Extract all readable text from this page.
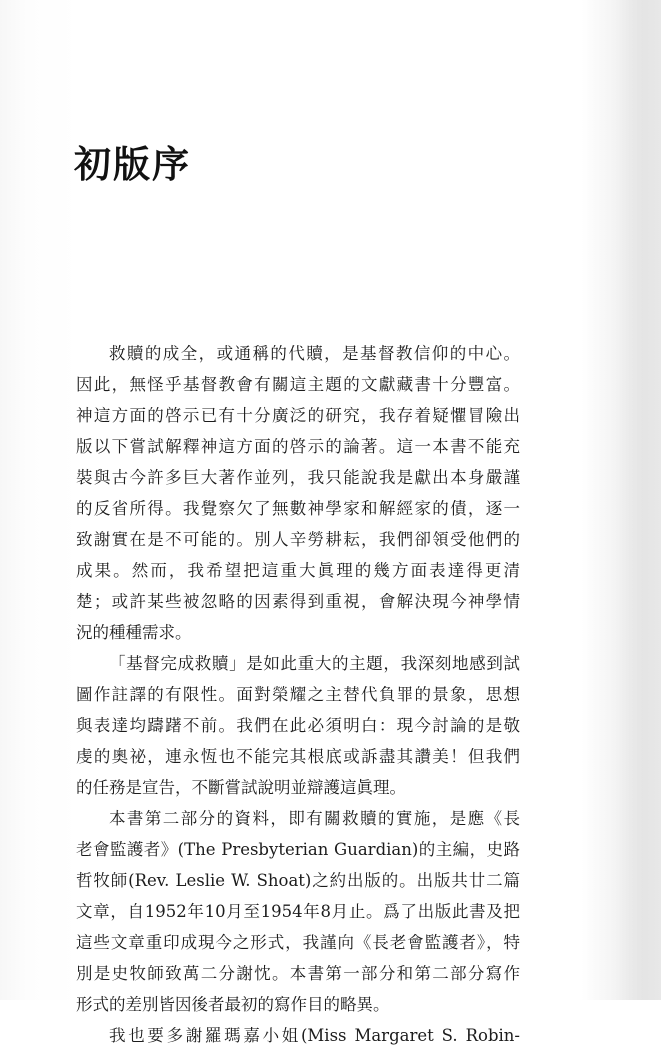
初版序
救贖的成全，或通稱的代贖，是基督教信仰的中心。
因此，無怪乎基督教會有關這主題的文獻藏書十分豐富。
神這方面的啓示已有十分廣泛的研究，我存着疑懼冒險出
版以下嘗試解釋神這方面的啓示的論著。這一本書不能充
裝與古今許多巨大著作並列，我只能說我是獻出本身嚴謹
的反省所得。我覺察欠了無數神學家和解經家的債，逐一
致謝實在是不可能的。別人辛勞耕耘，我們卻領受他們的
成果。然而，我希望把這重大眞理的幾方面表達得更清
楚；或許某些被忽略的因素得到重視，會解決現今神學情
況的種種需求。
「基督完成救贖」是如此重大的主題，我深刻地感到試
圖作註譯的有限性。面對榮耀之主替代負罪的景象，思想
與表達均躊躇不前。我們在此必須明白：現今討論的是敬
虔的奧祕，連永恆也不能完其根底或訴盡其讚美！但我們
的任務是宣告，不斷嘗試說明並辯護這眞理。
本書第二部分的資料，即有關救贖的實施，是應《長
老會監護者》(The Presbyterian Guardian)的主編，史路
哲牧師(Rev. Leslie W. Shoat)之約出版的。出版共廿二篇
文章，自1952年10月至1954年8月止。爲了出版此書及把
這些文章重印成現今之形式，我謹向《長老會監護者》，特
別是史牧師致萬二分謝忱。本書第一部分和第二部分寫作
形式的差別皆因後者最初的寫作目的略異。
我也要多謝羅瑪嘉小姐(Miss Margaret S. Robin-
